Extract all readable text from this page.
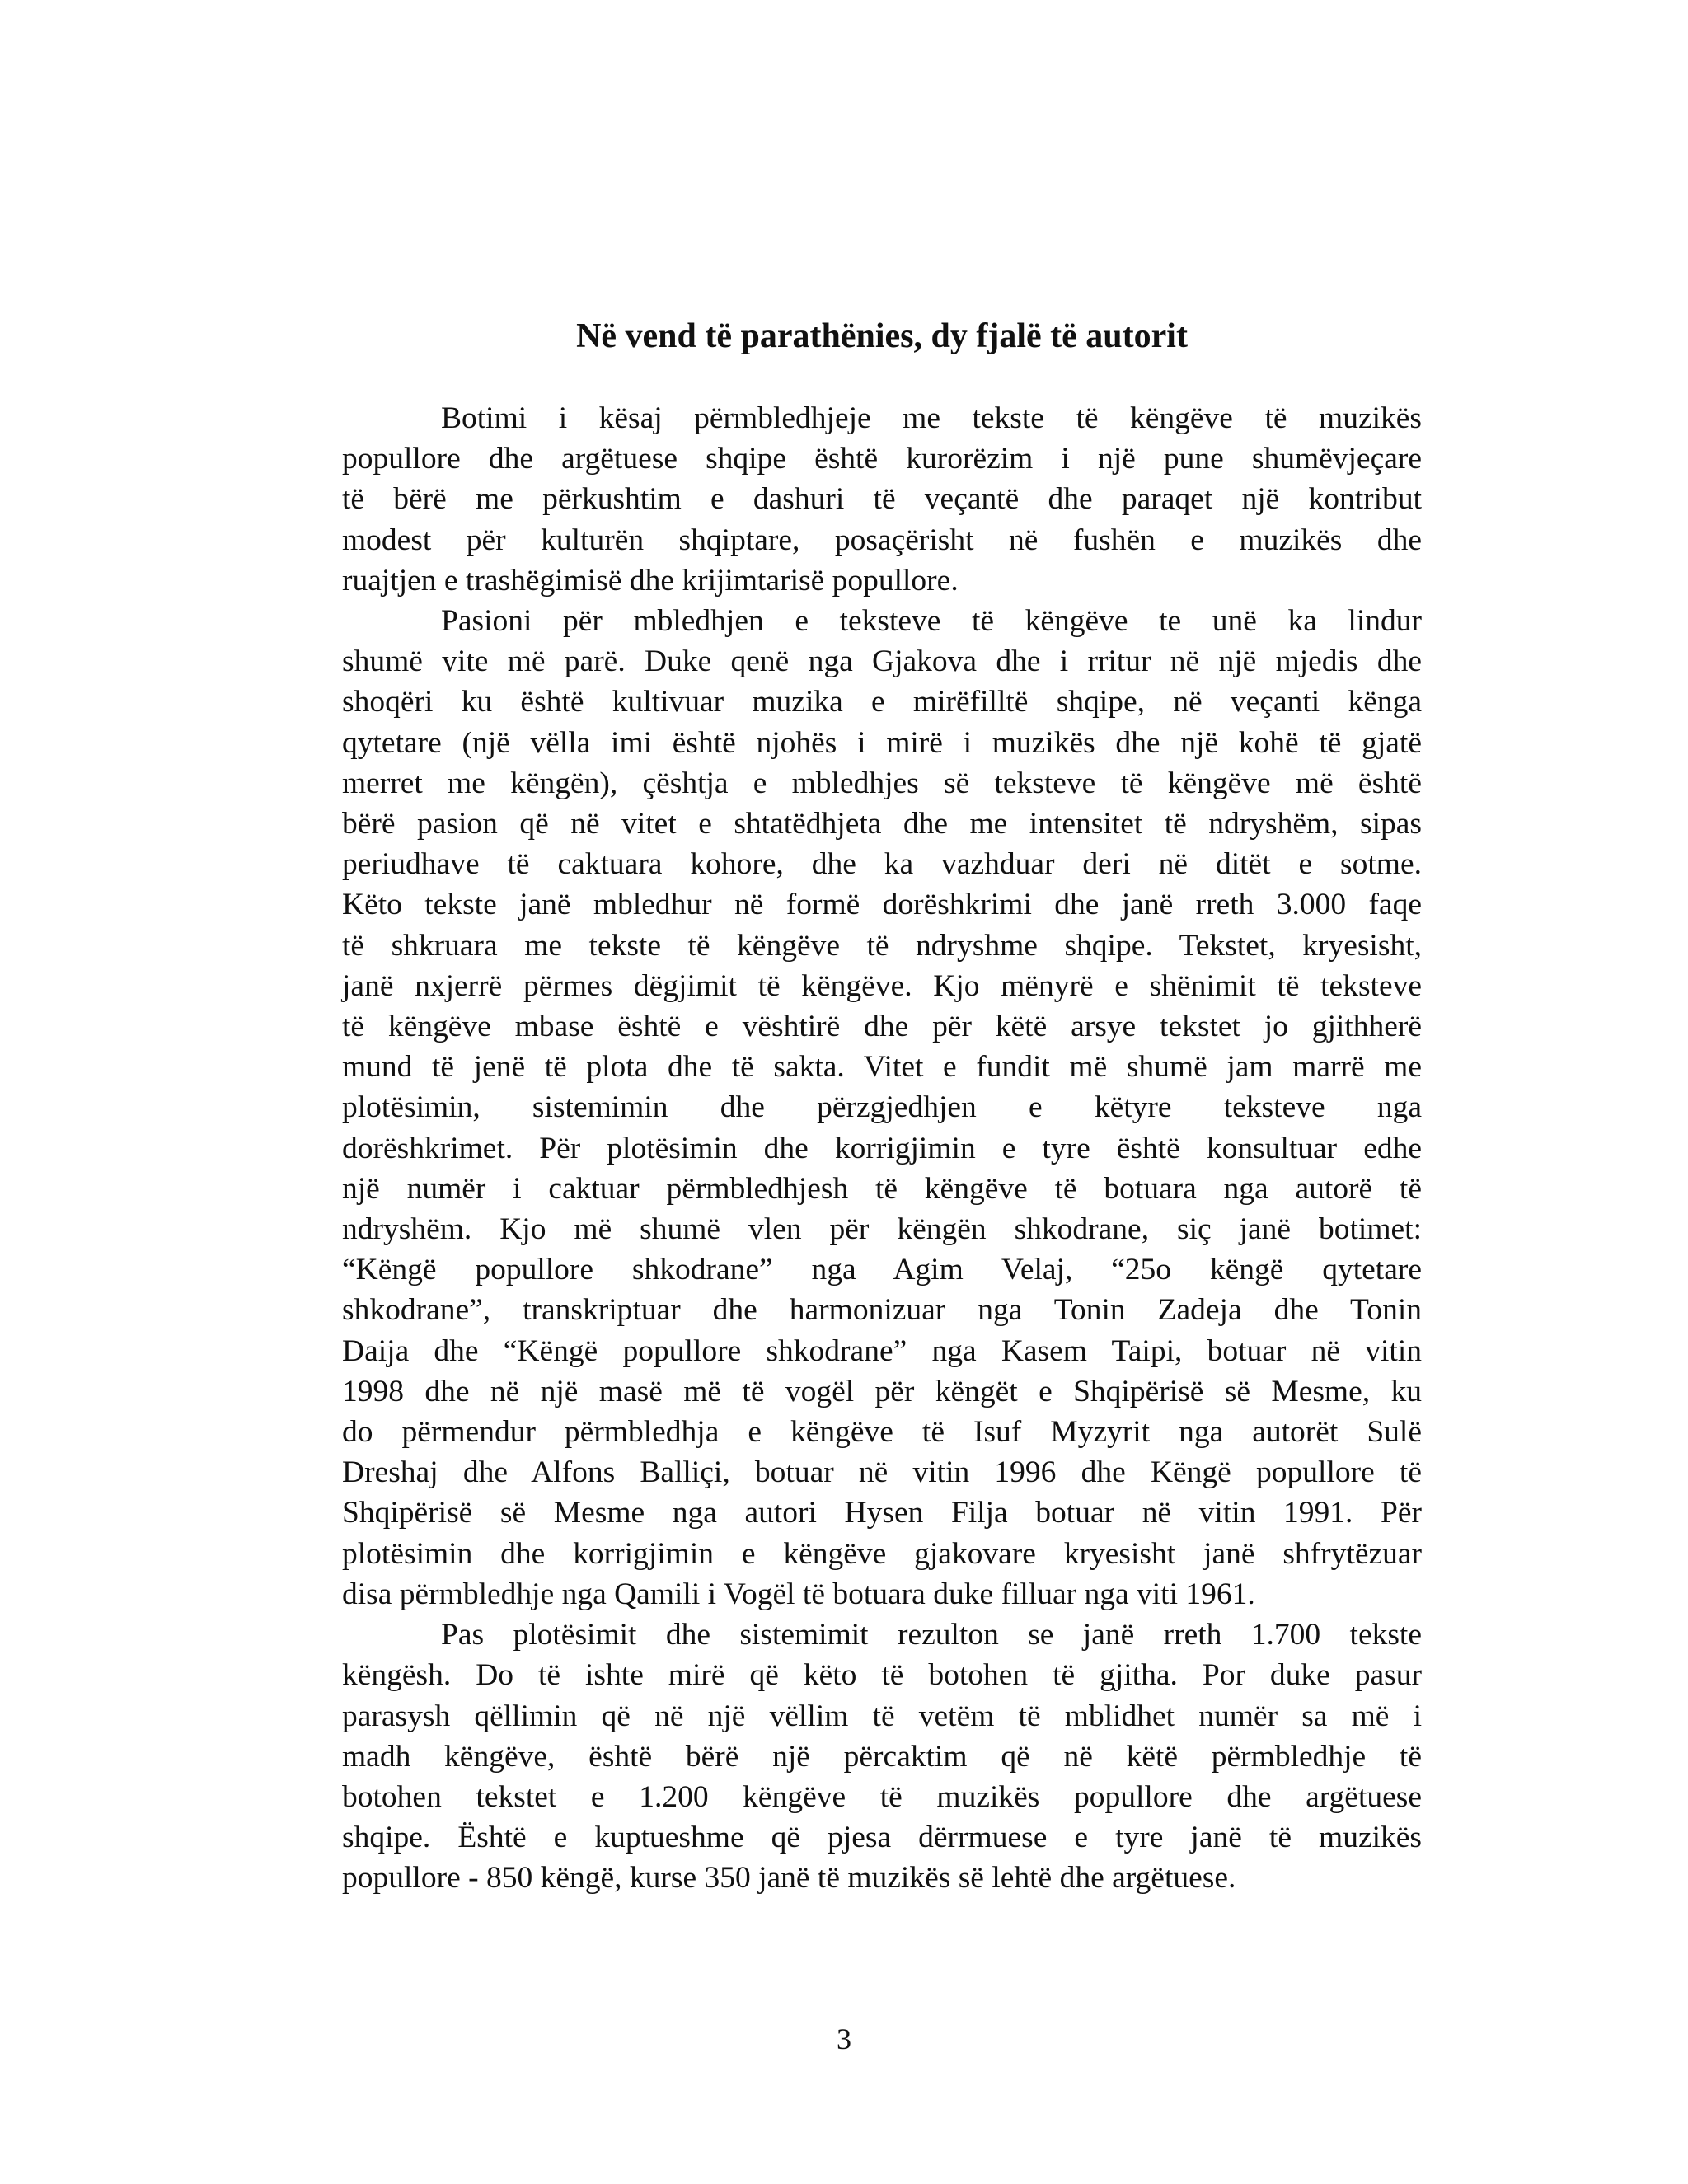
Në vend të parathënies, dy fjalë të autorit

Botimi i kësaj përmbledhjeje me tekste të këngëve të muzikës
popullore dhe argëtuese shqipe është kurorëzim i një pune shumëvjeçare
të bërë me përkushtim e dashuri të veçantë dhe paraqet një kontribut
modest për kulturën shqiptare, posaçërisht në fushën e muzikës dhe
ruajtjen e trashëgimisë dhe krijimtarisë popullore.

Pasioni për mbledhjen e teksteve të këngëve te unë ka lindur
shumë vite më parë. Duke qenë nga Gjakova dhe i rritur në një mjedis dhe
shoqëri ku është kultivuar muzika e mirëfilltë shqipe, në veçanti kënga
qytetare (një vëlla imi është njohës i mirë i muzikës dhe një kohë të gjatë
merret me këngën), çështja e mbledhjes së teksteve të këngëve më është
bërë pasion që në vitet e shtatëdhjeta dhe me intensitet të ndryshëm, sipas
periudhave të caktuara kohore, dhe ka vazhduar deri në ditët e sotme.
Këto tekste janë mbledhur në formë dorëshkrimi dhe janë rreth 3.000 faqe
të shkruara me tekste të këngëve të ndryshme shqipe. Tekstet, kryesisht,
janë nxjerrë përmes dëgjimit të këngëve. Kjo mënyrë e shënimit të teksteve
të këngëve mbase është e vështirë dhe për këtë arsye tekstet jo gjithherë
mund të jenë të plota dhe të sakta. Vitet e fundit më shumë jam marrë me
plotësimin, sistemimin dhe përzgjedhjen e këtyre teksteve nga
dorëshkrimet. Për plotësimin dhe korrigjimin e tyre është konsultuar edhe
një numër i caktuar përmbledhjesh të këngëve të botuara nga autorë të
ndryshëm. Kjo më shumë vlen për këngën shkodrane, siç janë botimet:
“Këngë popullore shkodrane” nga Agim Velaj, “25o këngë qytetare
shkodrane”, transkriptuar dhe harmonizuar nga Tonin Zadeja dhe Tonin
Daija dhe “Këngë popullore shkodrane” nga Kasem Taipi, botuar në vitin
1998 dhe në një masë më të vogël për këngët e Shqipërisë së Mesme, ku
do përmendur përmbledhja e këngëve të Isuf Myzyrit nga autorët Sulë
Dreshaj dhe Alfons Balliçi, botuar në vitin 1996 dhe Këngë popullore të
Shqipërisë së Mesme nga autori Hysen Filja botuar në vitin 1991. Për
plotësimin dhe korrigjimin e këngëve gjakovare kryesisht janë shfrytëzuar
disa përmbledhje nga Qamili i Vogël të botuara duke filluar nga viti 1961.

Pas plotësimit dhe sistemimit rezulton se janë rreth 1.700 tekste
këngësh. Do të ishte mirë që këto të botohen të gjitha. Por duke pasur
parasysh qëllimin që në një vëllim të vetëm të mblidhet numër sa më i
madh këngëve, është bërë një përcaktim që në këtë përmbledhje të
botohen tekstet e 1.200 këngëve të muzikës popullore dhe argëtuese
shqipe. Është e kuptueshme që pjesa dërrmuese e tyre janë të muzikës
popullore - 850 këngë, kurse 350 janë të muzikës së lehtë dhe argëtuese.

3
